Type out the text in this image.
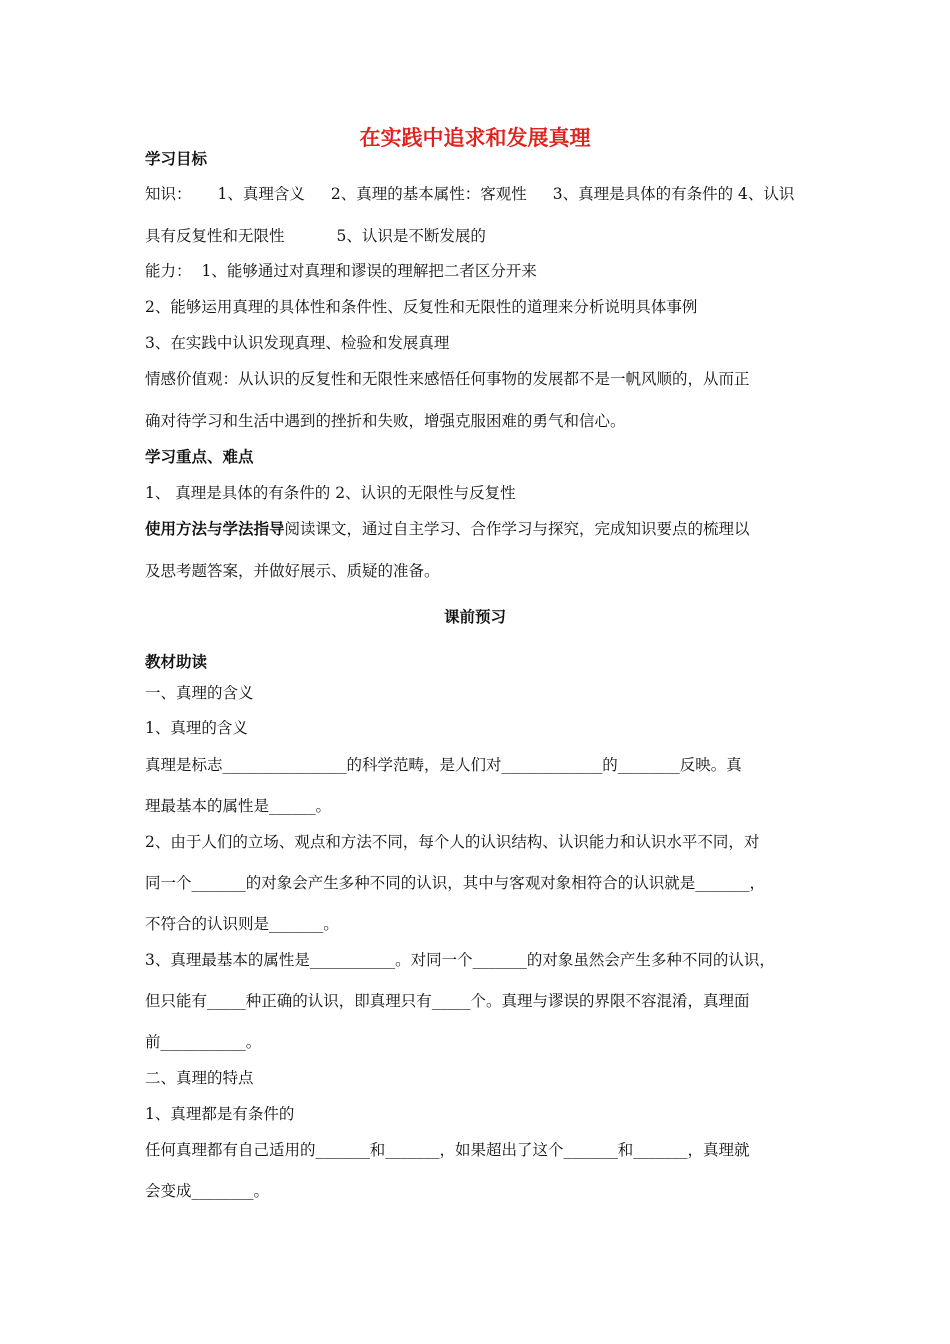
在实践中追求和发展真理
学习目标
知识： 1、真理含义 2、真理的基本属性：客观性 3、真理是具体的有条件的 4、认识
具有反复性和无限性	5、认识是不断发展的
能力： 1、能够通过对真理和谬误的理解把二者区分开来
2、能够运用真理的具体性和条件性、反复性和无限性的道理来分析说明具体事例
3、在实践中认识发现真理、检验和发展真理
情感价值观：从认识的反复性和无限性来感悟任何事物的发展都不是一帆风顺的，从而正
确对待学习和生活中遇到的挫折和失败，增强克服困难的勇气和信心。
学习重点、难点
1、 真理是具体的有条件的 2、认识的无限性与反复性
使用方法与学法指导阅读课文，通过自主学习、合作学习与探究，完成知识要点的梳理以
及思考题答案，并做好展示、质疑的准备。
课前预习
教材助读
一、真理的含义
1、真理的含义
真理是标志________________的科学范畴，是人们对_____________的________反映。真
理最基本的属性是______。
2、由于人们的立场、观点和方法不同，每个人的认识结构、认识能力和认识水平不同，对
同一个_______的对象会产生多种不同的认识，其中与客观对象相符合的认识就是_______，
不符合的认识则是_______。
3、真理最基本的属性是___________。对同一个_______的对象虽然会产生多种不同的认识，
但只能有_____种正确的认识，即真理只有_____个。真理与谬误的界限不容混淆，真理面
前___________。
二、真理的特点
1、真理都是有条件的
任何真理都有自己适用的_______和_______，如果超出了这个_______和_______，真理就
会变成________。
